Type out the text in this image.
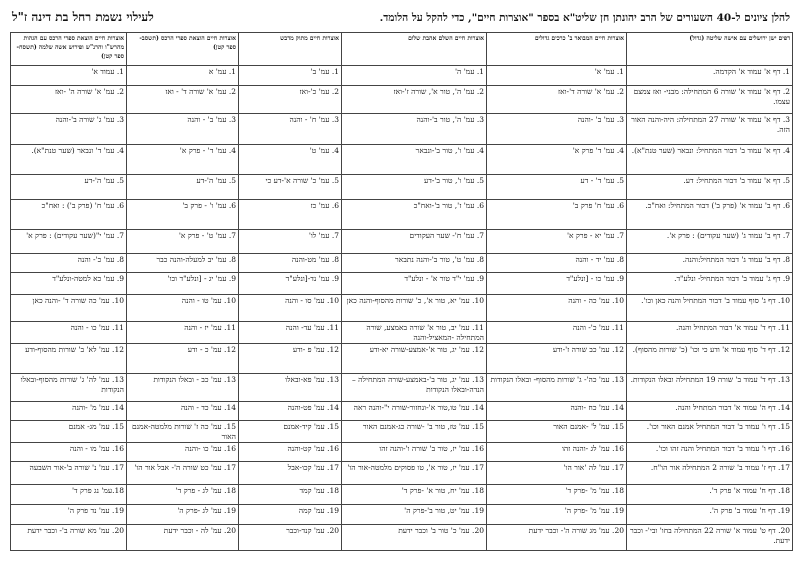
להלן ציונים ל-40 השעורים של הרב יהונתן חן שליט"א בספר "אוצרות חיים", כדי להקל על הלומד.
לעילוי נשמת רחל בת דינה ז"ל
דפים ישן ירושלים עם אישה שליטה (גדול)	אוצרות חיים המבואר ב' כרכים גדולים	אוצרות חיים השלם אהבת שלום	אוצרות חיים מתוק מדבש	אוצרות חיים הוצאת ספרי הרכס (תשסב- ספר קטן)	אוצרות חיים הוצאת ספרי הרכס עם הגהות מהרש"ו והרנ"ש ופירוש אשה שלמה (תשסח- ספר קטן)
1. דף א' עמוד א' הקדמה.	1. עמ' א'	1. עמ' ה'	1. עמ' ב'	1. עמ' א	1. עמוד א'
2. דף א' עמוד א' שורה 6 המתחילה: מבני- ואז צמצם עצמו.	2. עמ' א' שורה ד'-ואז	2. עמ' ה', טור א', שורה ז'-ואז	2. עמ' כ'-ואז	2. עמ' א' שורה ד' - ואז	2. עמ' א' שורה ה' -ואז
3. דף א' עמוד א' שורה 27 המתחילה: היה-והנה האור הזה.	3. עמ' ב' -והנה	3. עמ' ה', טור ב'-והנה	3. עמ' ח' - והנה	3. עמ' ב' - והנה	3. עמ' ג' שורה ב'-והנה
4. דף א' עמוד ב' דבור המתחיל: ונבאר (שער טנת"א).	4. עמ' ד' פרק א'	4. עמ' ו', טור ב'-ונבאר	4. עמ' ט'	4. עמ' ד' - פרק א'	4. עמ' ד' ונבאר (שער טנת"א).
5. דף א' עמוד ב' דבור המתחיל: דע.	5. עמ' ד' - דע	5. עמ' ו', טור ב'-דע	5. עמ' כ' שורה א'-דע כי	5. עמ' ה'-דע	5. עמ' ה'-דע
6. דף ב' עמוד א' (פרק ב') דבור המתחיל: ואח"כ.	6. עמ' ח' פרק ב'	6. עמ' ז', טור ב'-ואח"כ	6. עמ' כז	6. עמ' ו' - פרק ב'	6. עמ' ח' (פרק ב') : ואח"כ
7. דף ב' עמוד ג' (שער עקודים) : פרק א'.	7. עמ' יא - פרק א'	7. עמ' ח'- שער העקודים	7. עמ' לו'	7. עמ' ט' - פרק א'	7. עמ' י"(שער עקודים) : פרק א'
8. דף ב' עמוד ג' דבור המתחיל:והנה.	8. עמ' יד - והנה	8. עמ' ט', טור ב'-והנה נתבאר	8. עמ' מט-והנה	8. עמ' יב למעלה-והנה כבר	8. עמ' כ'- והנה
9. דף ג' עמוד ב' דבור המתחיל- ונלע"ד.	9. עמ' כו - [ונלע"ד	9. עמ' י"ד טור א' - ונלע"ד	9. עמ' נד-[ונלע"ד	9. עמ' יג - [ונלע"ד וכו'	9. עמ' כא למטה-ונלע"ד
10. דף ג' סוף עמוד ב' דבור המתחיל והנה כאן וכו'.	10. עמ' כה - והנה	10. עמ' יא, טור א', כ' שורות מהסוף-והנה כאן	10. עמ' סו - והנה	10. עמ' טו - והנה	10. עמ' כה שורה ד' -והנה כאן
11. דף ד' עמוד א' דבור המתחיל והנה.	11. עמ' כ'- והנה	11. עמ' יב, טור א' שורה באמצע, שורה המתחילה -המאציל-והנה	11. עמ' עד- והנה	11. עמ' יז - והנה	11. עמ' כו - והנה
12. דף ד' סוף עמוד א' ודע כי וכו' (כ' שורות מהסוף).	12. עמ' כב שורה ז'-ודע	12. עמ' יג, טור א'-אמצע-שורה יא-ודע	12. עמ' פ -ודע	12. עמ' כ - ודע	12. עמ' לא' ב' שורות מהסוף-ודע
13. דף ד' עמוד ב' שורה 19 המתחילה ובאלו הנקודות.	13. עמ' כה'- ג' שורות מהסוף- ובאלו הנקודות	13. עמ' יג, טור ב'-באמצע-שורה המתחילה – הנדה-ובאלו הנקודות	13. עמ' פא-ובאלו	13. עמ' כב - ובאלו הנקודות	13. עמ' לה' ג' שורות מהסוף-ובאלו הנקודות
14. דף ה' עמוד א' דבור המתחיל והנה.	14. עמ' כח -והנה	14. עמ' טו,טור א'-ונחזור-שורה י"-והנה ראה	14. עמ' פט-והנה	14. עמ' כד - והנה	14. עמ' מ' -והנה
15. דף ו' עמוד ב' דבור המתחיל אמנם האור וכו'.	15. עמ' ל' -אמנם האור	15. עמ' טז, טור ב' -שורה כג-אמנם האור	15. עמ' קיד-אמנם	15. עמ' כה ז' שורות מלמטה-אמנם האור	15. עמ' מג- אמנם
16. דף ו' עמוד ב' דבור המתחיל והנה זהו וכו'.	16. עמ' לג -והנה זהו	16. עמ' יז, טור ב' שורה ו'-והנה זהו	16. עמ' קט-והנה	16. עמ' כו -והנה	16. עמ' מו - והנה
17. דף ז' עמוד ב' שורה 2 המתחילה אור הו"ח.	17. עמ' לה 'אור הו'	17. עמ' יז, טור א', טו פסוקים מלמטה-אור הו'	17. עמ' קכו-אבל	17. עמ' כט שורה ה'- אבל אור הו'	17. עמ' נ' שורה ב'-אור השבעה
18. דף ח' עמוד א' פרק ד'.	18. עמ' מ' -פרק ד'	18. עמ' יח, טור א' -פרק ד'	18. עמ' קמד	18. עמ' לג - פרק ד'	18.עמ' נג פרק ד'
19. דף ח' עמוד ב' פרק ה'.	19. עמ' מ' -פרק ה'	19. עמ' יט, טור ב'-פרק ה'	19. עמ' קמה	19. עמ' לג -פרק ה'	19. עמ' נד פרק ה'
20. דף ט' עמוד א' שורה 22 המתחילה בחו' ובי'- וכבר ידעת.	20. עמ' מג שורה ה'- וכבר ידעת	20. עמ' כ' טור ב' וכבר ידעת	20. עמ' קנד-וכבר	20. עמ' לה - וכבר ידעת	20. עמ' מא שורה ב'- וכבר ידעת
